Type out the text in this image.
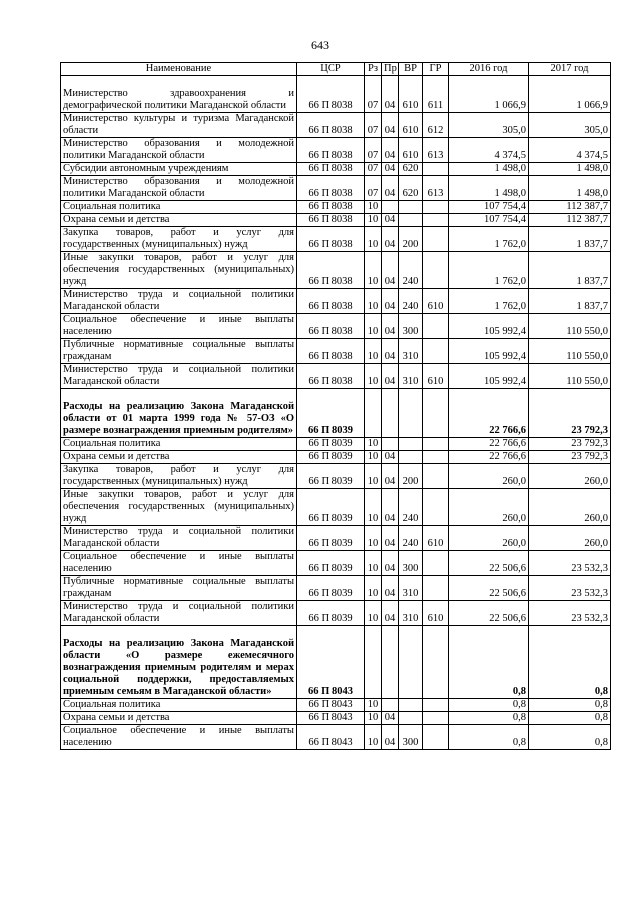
643
Наименование	ЦСР	Рз	Пр	ВР	ГР	2016 год	2017 год
Министерство здравоохранения и демографической политики Магаданской области	66 П 8038	07	04	610	611	1 066,9	1 066,9
Министерство культуры и туризма Магаданской области	66 П 8038	07	04	610	612	305,0	305,0
Министерство образования и молодежной политики Магаданской области	66 П 8038	07	04	610	613	4 374,5	4 374,5
Субсидии автономным учреждениям	66 П 8038	07	04	620		1 498,0	1 498,0
Министерство образования и молодежной политики Магаданской области	66 П 8038	07	04	620	613	1 498,0	1 498,0
Социальная политика	66 П 8038	10				107 754,4	112 387,7
Охрана семьи и детства	66 П 8038	10	04			107 754,4	112 387,7
Закупка товаров, работ и услуг для государственных (муниципальных) нужд	66 П 8038	10	04	200		1 762,0	1 837,7
Иные закупки товаров, работ и услуг для обеспечения государственных (муниципальных) нужд	66 П 8038	10	04	240		1 762,0	1 837,7
Министерство труда и социальной политики Магаданской области	66 П 8038	10	04	240	610	1 762,0	1 837,7
Социальное обеспечение и иные выплаты населению	66 П 8038	10	04	300		105 992,4	110 550,0
Публичные нормативные социальные выплаты гражданам	66 П 8038	10	04	310		105 992,4	110 550,0
Министерство труда и социальной политики Магаданской области	66 П 8038	10	04	310	610	105 992,4	110 550,0
Расходы на реализацию Закона Магаданской области от 01 марта 1999 года № 57-ОЗ «О размере вознаграждения приемным родителям»	66 П 8039					22 766,6	23 792,3
Социальная политика	66 П 8039	10				22 766,6	23 792,3
Охрана семьи и детства	66 П 8039	10	04			22 766,6	23 792,3
Закупка товаров, работ и услуг для государственных (муниципальных) нужд	66 П 8039	10	04	200		260,0	260,0
Иные закупки товаров, работ и услуг для обеспечения государственных (муниципальных) нужд	66 П 8039	10	04	240		260,0	260,0
Министерство труда и социальной политики Магаданской области	66 П 8039	10	04	240	610	260,0	260,0
Социальное обеспечение и иные выплаты населению	66 П 8039	10	04	300		22 506,6	23 532,3
Публичные нормативные социальные выплаты гражданам	66 П 8039	10	04	310		22 506,6	23 532,3
Министерство труда и социальной политики Магаданской области	66 П 8039	10	04	310	610	22 506,6	23 532,3
Расходы на реализацию Закона Магаданской области «О размере ежемесячного вознаграждения приемным родителям и мерах социальной поддержки, предоставляемых приемным семьям в Магаданской области»	66 П 8043					0,8	0,8
Социальная политика	66 П 8043	10				0,8	0,8
Охрана семьи и детства	66 П 8043	10	04			0,8	0,8
Социальное обеспечение и иные выплаты населению	66 П 8043	10	04	300		0,8	0,8
